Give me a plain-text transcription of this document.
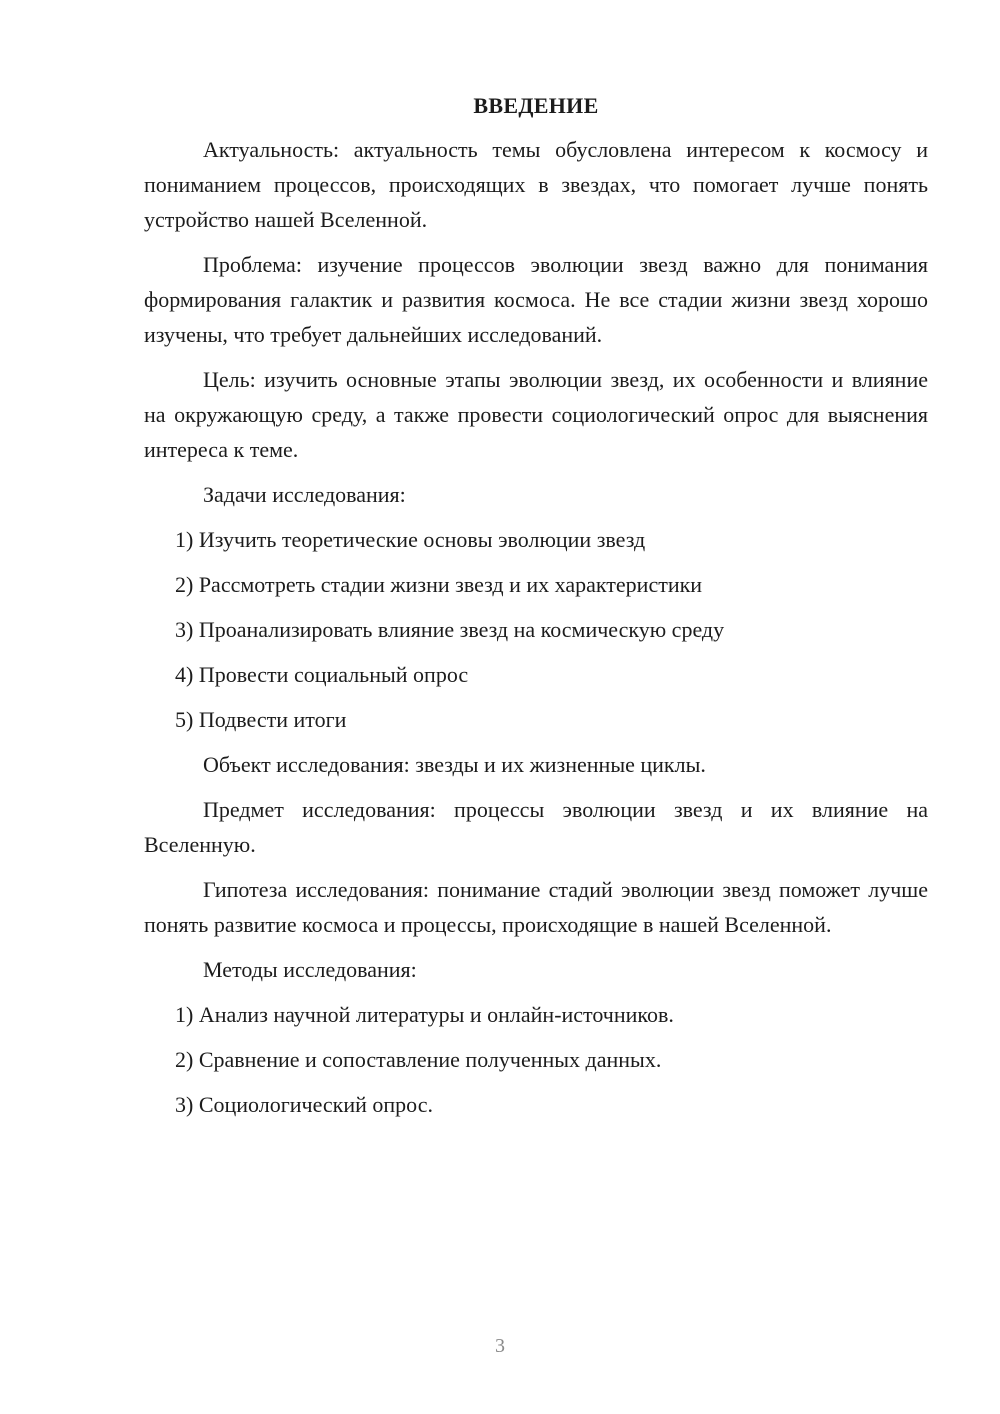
ВВЕДЕНИЕ

Актуальность: актуальность темы обусловлена интересом к космосу и пониманием процессов, происходящих в звездах, что помогает лучше понять устройство нашей Вселенной.

Проблема: изучение процессов эволюции звезд важно для понимания формирования галактик и развития космоса. Не все стадии жизни звезд хорошо изучены, что требует дальнейших исследований.

Цель: изучить основные этапы эволюции звезд, их особенности и влияние на окружающую среду, а также провести социологический опрос для выяснения интереса к теме.

Задачи исследования:

1) Изучить теоретические основы эволюции звезд
2) Рассмотреть стадии жизни звезд и их характеристики
3) Проанализировать влияние звезд на космическую среду
4) Провести социальный опрос
5) Подвести итоги

Объект исследования: звезды и их жизненные циклы.

Предмет исследования: процессы эволюции звезд и их влияние на Вселенную.

Гипотеза исследования: понимание стадий эволюции звезд поможет лучше понять развитие космоса и процессы, происходящие в нашей Вселенной.

Методы исследования:

1) Анализ научной литературы и онлайн-источников.
2) Сравнение и сопоставление полученных данных.
3) Социологический опрос.
3
